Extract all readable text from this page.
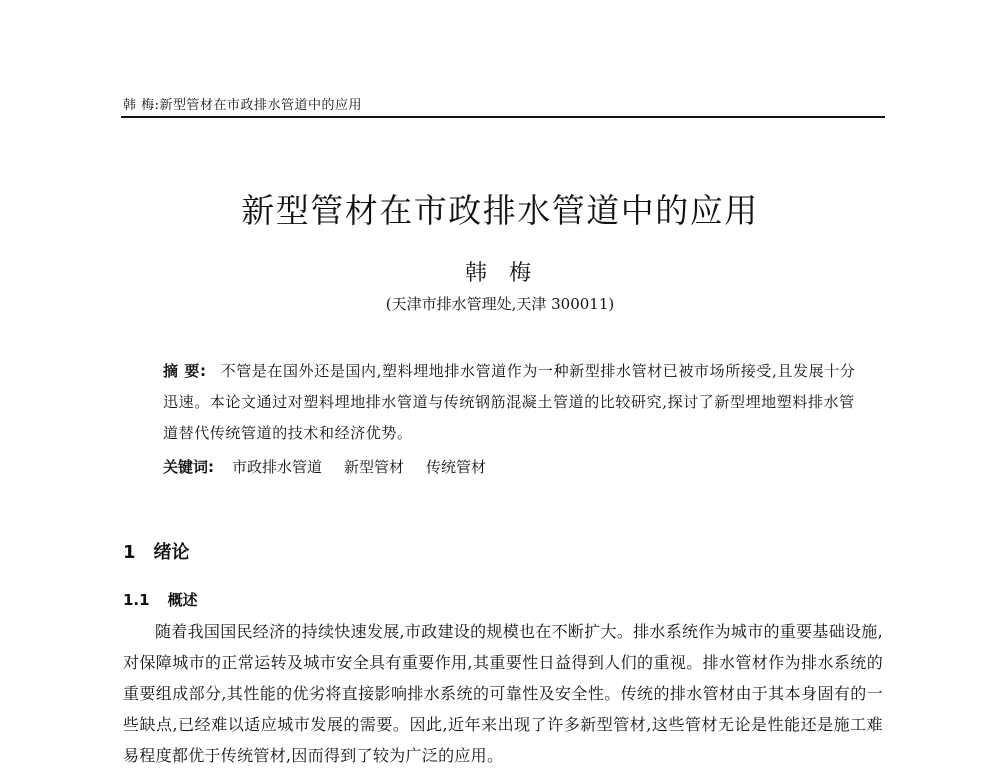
韩 梅:新型管材在市政排水管道中的应用
新型管材在市政排水管道中的应用
韩梅
(天津市排水管理处,天津 300011)
摘 要: 不管是在国外还是国内,塑料埋地排水管道作为一种新型排水管材已被市场所接受,且发展十分迅速。本论文通过对塑料埋地排水管道与传统钢筋混凝土管道的比较研究,探讨了新型埋地塑料排水管道替代传统管道的技术和经济优势。
关键词: 市政排水管道 新型管材 传统管材
1 绪论
1.1 概述
随着我国国民经济的持续快速发展,市政建设的规模也在不断扩大。排水系统作为城市的重要基础设施,对保障城市的正常运转及城市安全具有重要作用,其重要性日益得到人们的重视。排水管材作为排水系统的重要组成部分,其性能的优劣将直接影响排水系统的可靠性及安全性。传统的排水管材由于其本身固有的一些缺点,已经难以适应城市发展的需要。因此,近年来出现了许多新型管材,这些管材无论是性能还是施工难易程度都优于传统管材,因而得到了较为广泛的应用。
